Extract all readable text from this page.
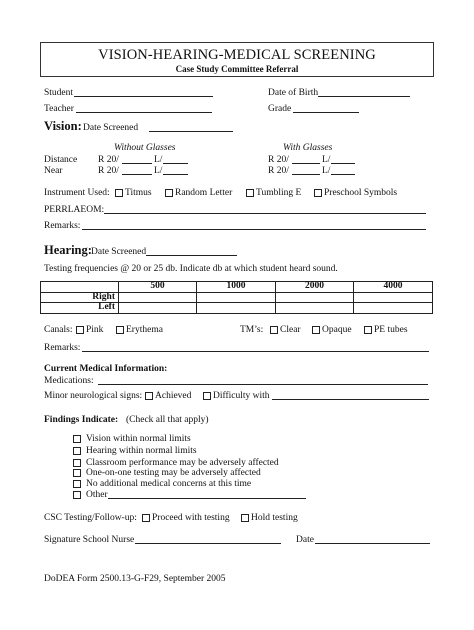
VISION-HEARING-MEDICAL SCREENING
Case Study Committee Referral
Student	Date of Birth
Teacher	Grade
Vision: Date Screened
Without Glasses	With Glasses
Distance R 20/	L/	R 20/	L/
Near	R 20/	L/	R 20/	L/
Instrument Used: Titmus Random Letter	Tumbling E Preschool Symbols
PERRLAEOM:
Remarks:
Hearing: Date Screened
Testing frequencies @ 20 or 25 db. Indicate db at which student heard sound.
	500	1000	2000	4000
Right				
Left				
Canals: Pink Erythema	TM’s: Clear Opaque PE tubes
Remarks:
Current Medical Information:
Medications:
Minor neurological signs: Achieved Difficulty with
Findings Indicate: (Check all that apply)
Vision within normal limits
Hearing within normal limits
Classroom performance may be adversely affected
One-on-one testing may be adversely affected
No additional medical concerns at this time
Other
CSC Testing/Follow-up: Proceed with testing Hold testing
Signature School Nurse	Date
DoDEA Form 2500.13-G-F29, September 2005
